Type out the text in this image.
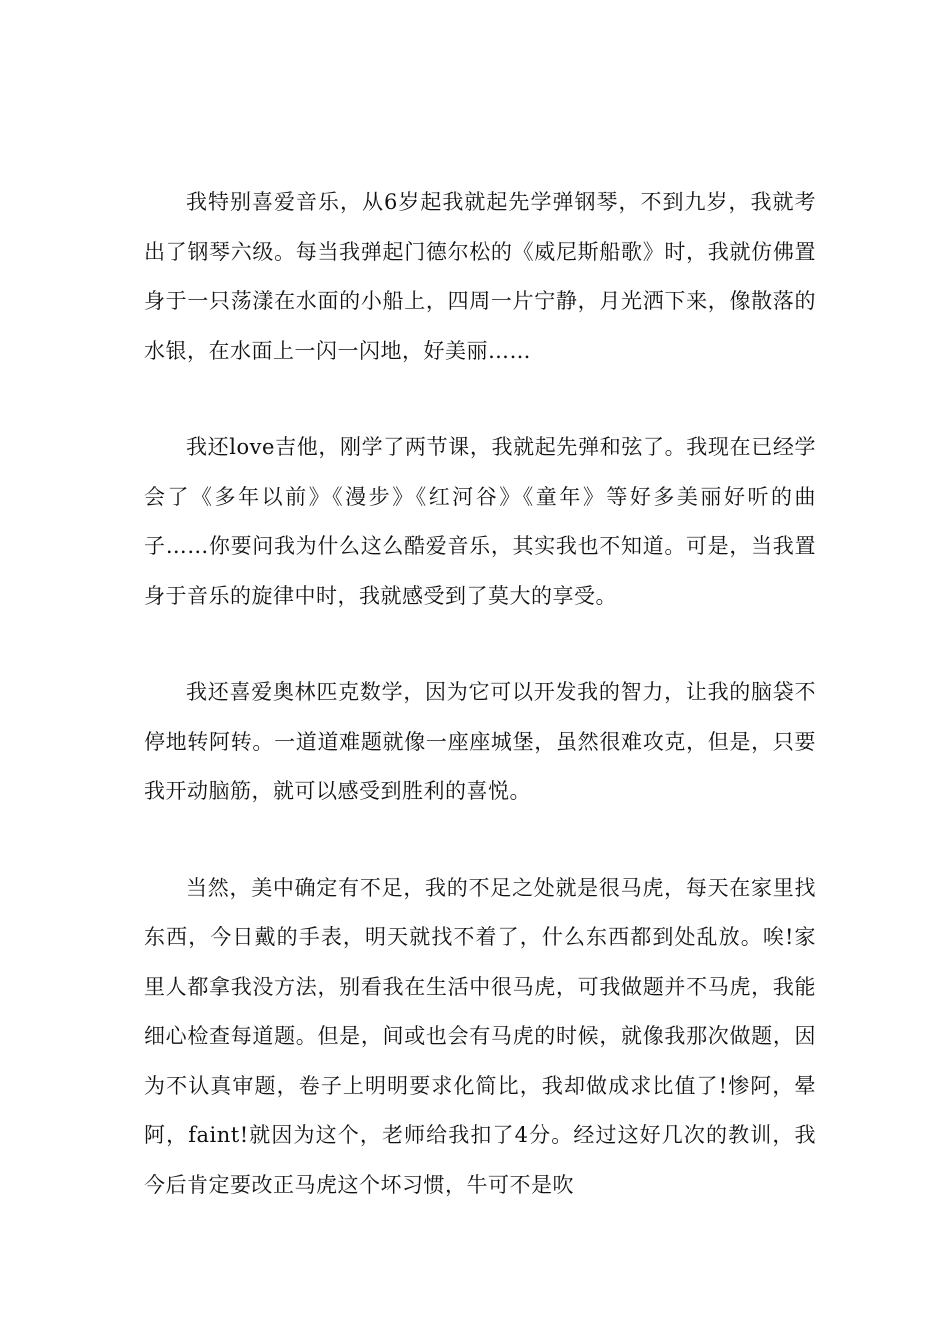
我特别喜爱音乐，从6岁起我就起先学弹钢琴，不到九岁，我就考出了钢琴六级。每当我弹起门德尔松的《威尼斯船歌》时，我就仿佛置身于一只荡漾在水面的小船上，四周一片宁静，月光洒下来，像散落的水银，在水面上一闪一闪地，好美丽……

我还love吉他，刚学了两节课，我就起先弹和弦了。我现在已经学会了《多年以前》《漫步》《红河谷》《童年》等好多美丽好听的曲子……你要问我为什么这么酷爱音乐，其实我也不知道。可是，当我置身于音乐的旋律中时，我就感受到了莫大的享受。

我还喜爱奥林匹克数学，因为它可以开发我的智力，让我的脑袋不停地转阿转。一道道难题就像一座座城堡，虽然很难攻克，但是，只要我开动脑筋，就可以感受到胜利的喜悦。

当然，美中确定有不足，我的不足之处就是很马虎，每天在家里找东西，今日戴的手表，明天就找不着了，什么东西都到处乱放。唉!家里人都拿我没方法，别看我在生活中很马虎，可我做题并不马虎，我能细心检查每道题。但是，间或也会有马虎的时候，就像我那次做题，因为不认真审题，卷子上明明要求化简比，我却做成求比值了!惨阿，晕阿，faint!就因为这个，老师给我扣了4分。经过这好几次的教训，我今后肯定要改正马虎这个坏习惯，牛可不是吹
